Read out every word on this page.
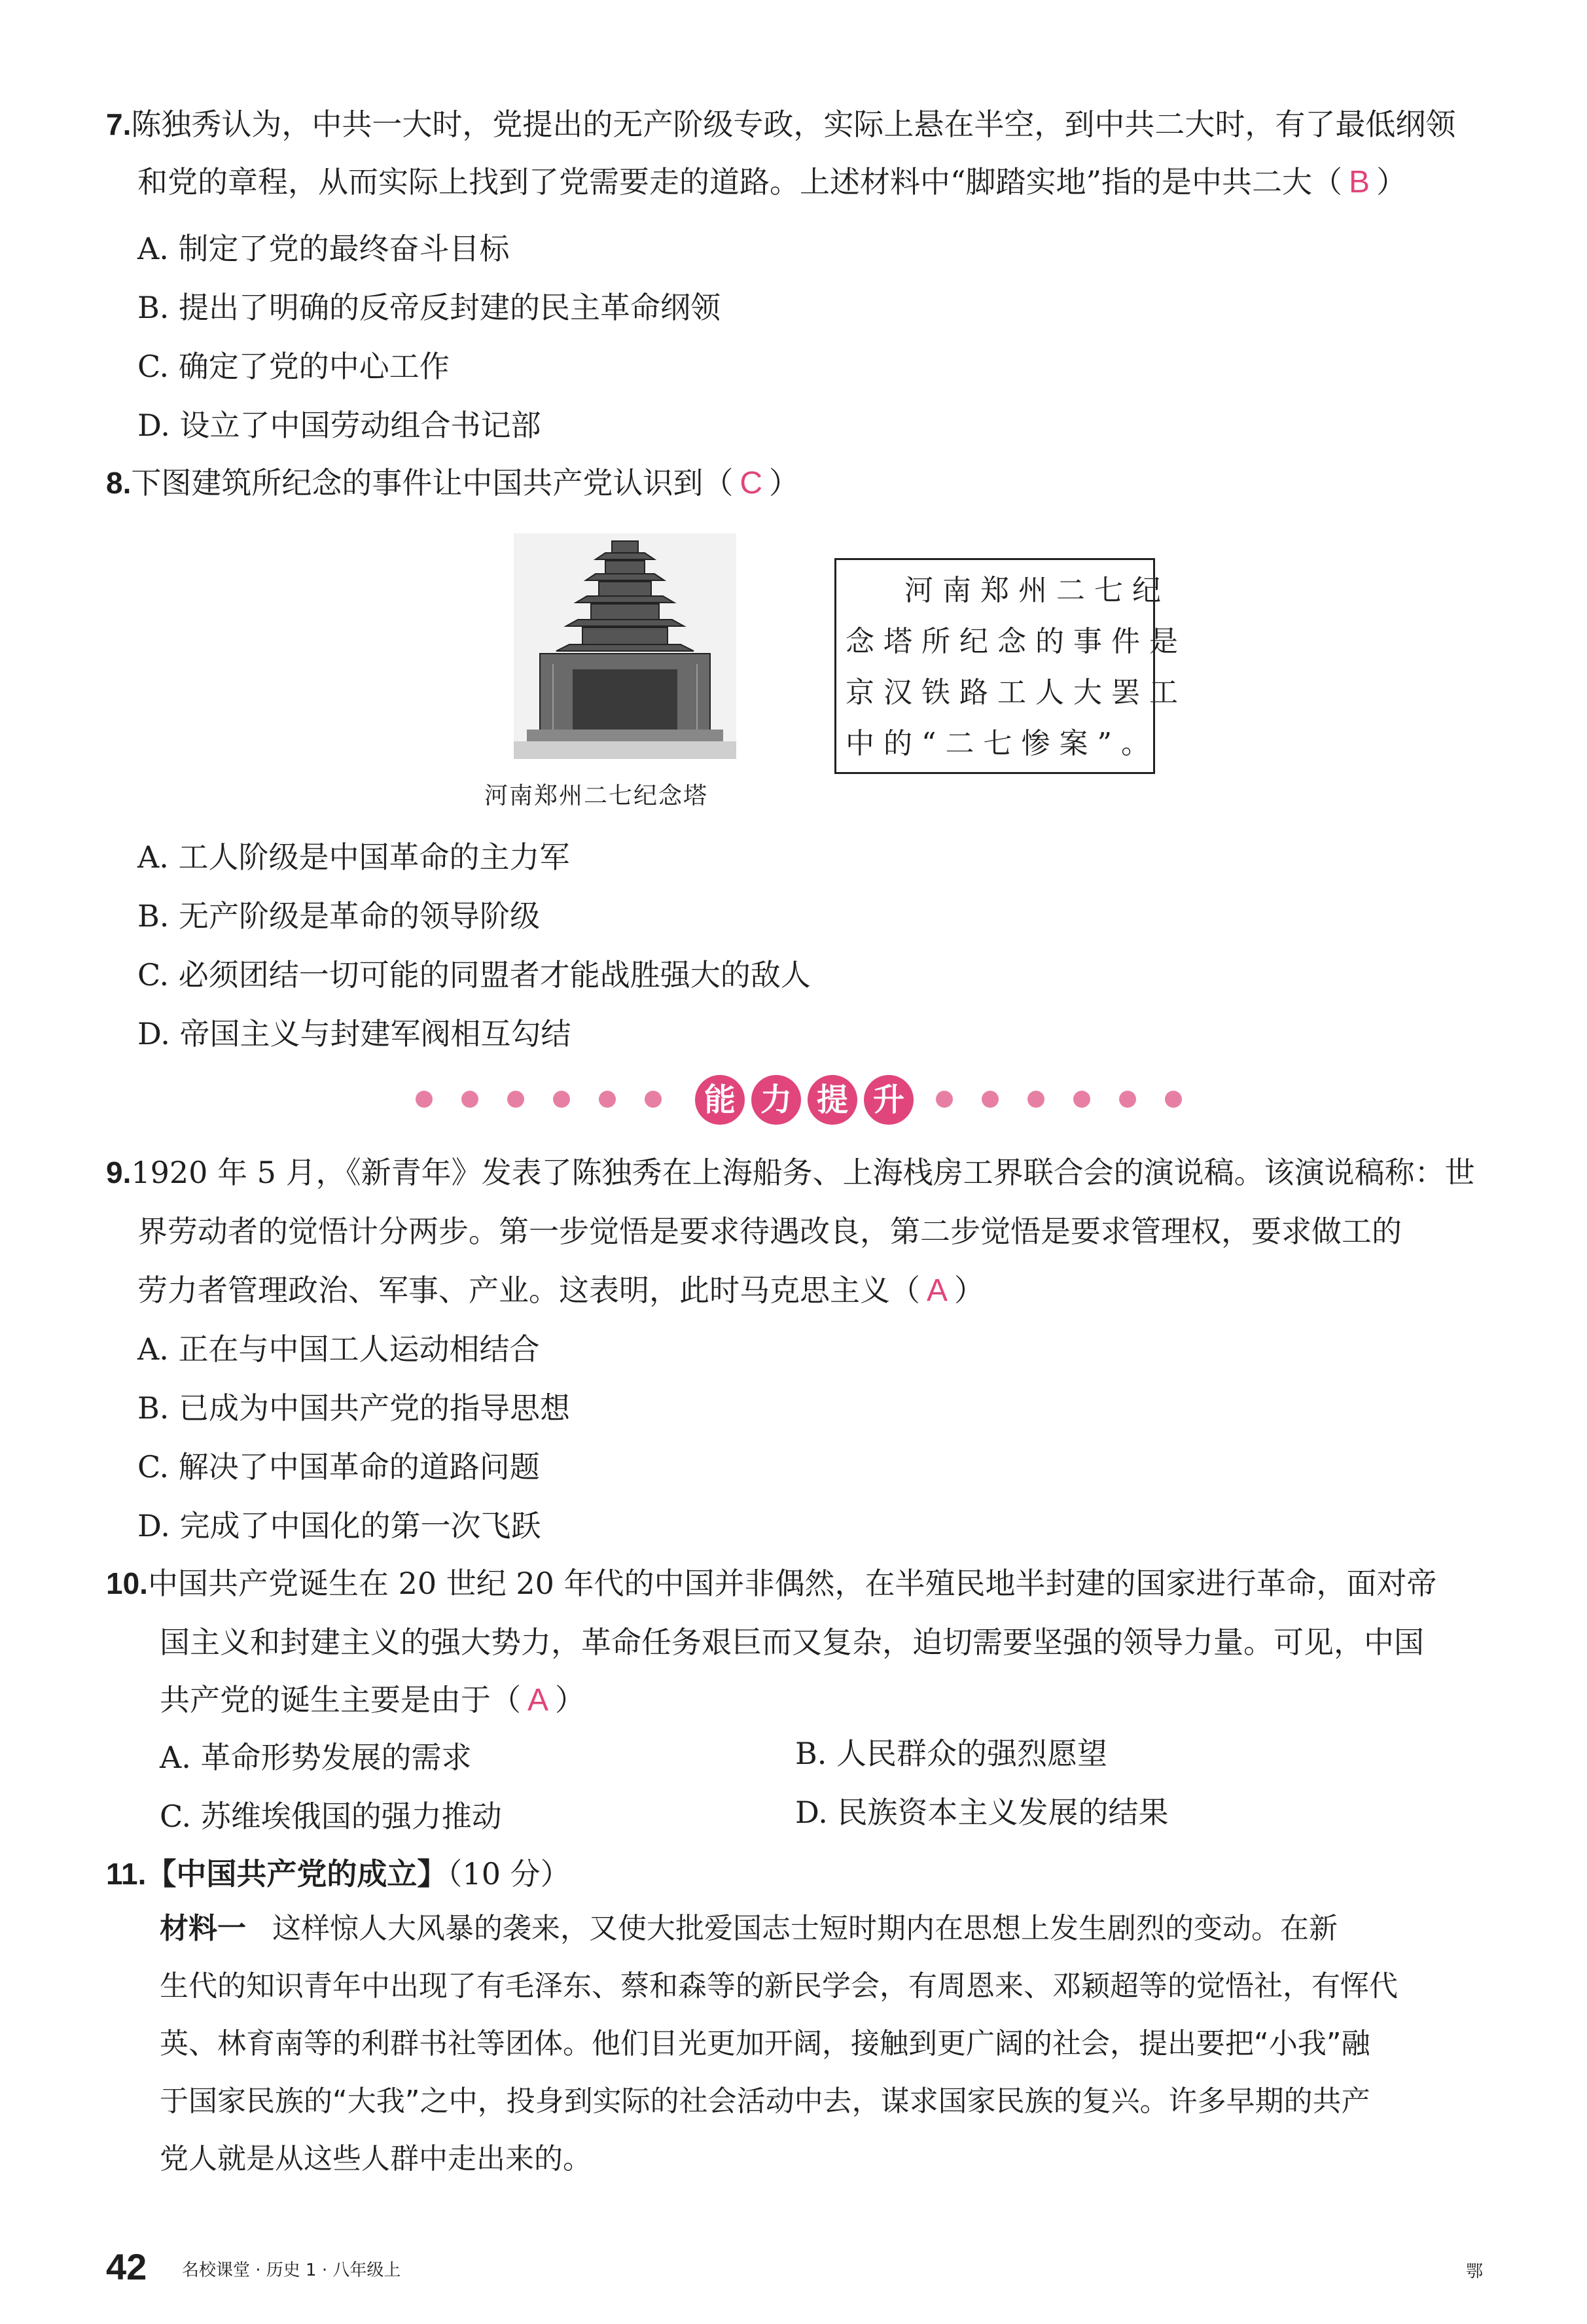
7.陈独秀认为，中共一大时，党提出的无产阶级专政，实际上悬在半空，到中共二大时，有了最低纲领
和党的章程，从而实际上找到了党需要走的道路。上述材料中“脚踏实地”指的是中共二大（ B ）
A. 制定了党的最终奋斗目标
B. 提出了明确的反帝反封建的民主革命纲领
C. 确定了党的中心工作
D. 设立了中国劳动组合书记部
8.下图建筑所纪念的事件让中国共产党认识到（ C ）
河南郑州二七纪念塔
河南郑州二七纪
念塔所纪念的事件是
京汉铁路工人大罢工
中的“二七惨案”。
A. 工人阶级是中国革命的主力军
B. 无产阶级是革命的领导阶级
C. 必须团结一切可能的同盟者才能战胜强大的敌人
D. 帝国主义与封建军阀相互勾结
能 力 提 升
9.1920 年 5 月，《新青年》发表了陈独秀在上海船务、上海栈房工界联合会的演说稿。该演说稿称：世
界劳动者的觉悟计分两步。第一步觉悟是要求待遇改良，第二步觉悟是要求管理权，要求做工的
劳力者管理政治、军事、产业。这表明，此时马克思主义（ A ）
A. 正在与中国工人运动相结合
B. 已成为中国共产党的指导思想
C. 解决了中国革命的道路问题
D. 完成了中国化的第一次飞跃
10.中国共产党诞生在 20 世纪 20 年代的中国并非偶然，在半殖民地半封建的国家进行革命，面对帝
国主义和封建主义的强大势力，革命任务艰巨而又复杂，迫切需要坚强的领导力量。可见，中国
共产党的诞生主要是由于（ A ）
A. 革命形势发展的需求	B. 人民群众的强烈愿望
C. 苏维埃俄国的强力推动	D. 民族资本主义发展的结果
11.【中国共产党的成立】（10 分）
材料一 这样惊人大风暴的袭来，又使大批爱国志士短时期内在思想上发生剧烈的变动。在新
生代的知识青年中出现了有毛泽东、蔡和森等的新民学会，有周恩来、邓颖超等的觉悟社，有恽代
英、林育南等的利群书社等团体。他们目光更加开阔，接触到更广阔的社会，提出要把“小我”融
于国家民族的“大我”之中，投身到实际的社会活动中去，谋求国家民族的复兴。许多早期的共产
党人就是从这些人群中走出来的。
42 名校课堂 · 历史 1 · 八年级上	鄂
